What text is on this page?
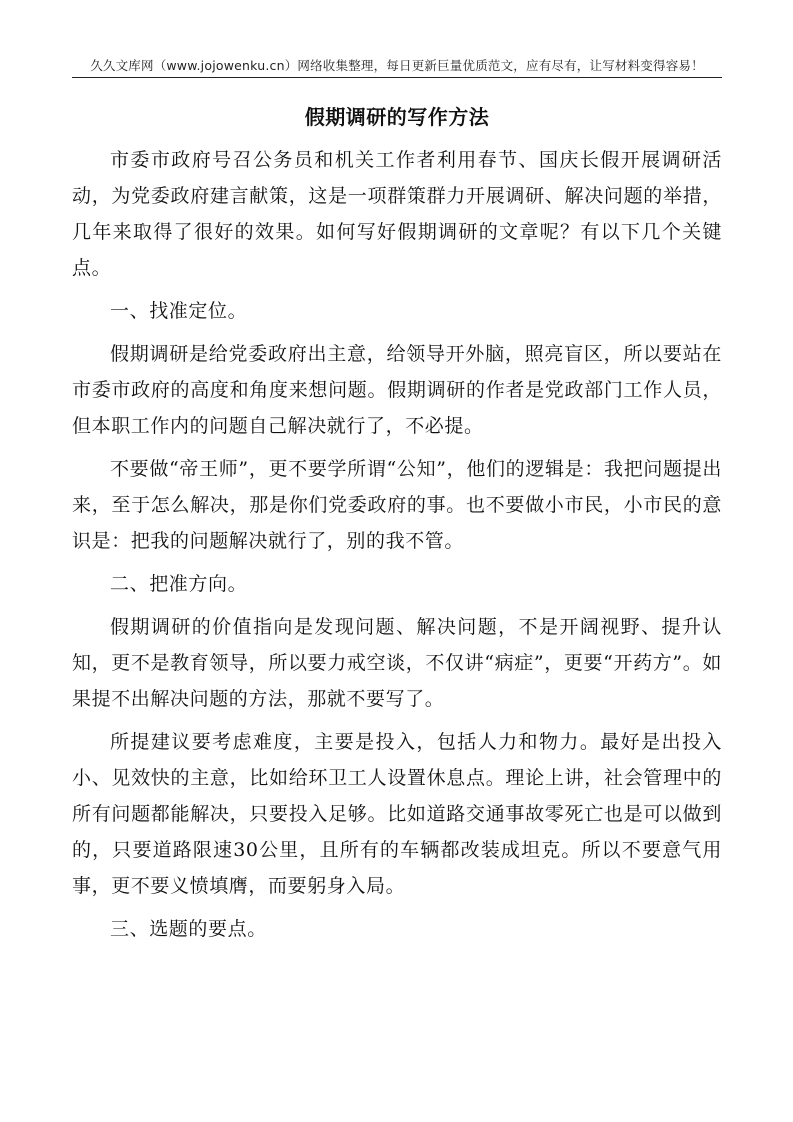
久久文库网（www.jojowenku.cn）网络收集整理，每日更新巨量优质范文，应有尽有，让写材料变得容易！
假期调研的写作方法

市委市政府号召公务员和机关工作者利用春节、国庆长假开展调研活动，为党委政府建言献策，这是一项群策群力开展调研、解决问题的举措，几年来取得了很好的效果。如何写好假期调研的文章呢？有以下几个关键点。

一、找准定位。

假期调研是给党委政府出主意，给领导开外脑，照亮盲区，所以要站在市委市政府的高度和角度来想问题。假期调研的作者是党政部门工作人员，但本职工作内的问题自己解决就行了，不必提。

不要做“帝王师”，更不要学所谓“公知”，他们的逻辑是：我把问题提出来，至于怎么解决，那是你们党委政府的事。也不要做小市民，小市民的意识是：把我的问题解决就行了，别的我不管。

二、把准方向。

假期调研的价值指向是发现问题、解决问题，不是开阔视野、提升认知，更不是教育领导，所以要力戒空谈，不仅讲“病症”，更要“开药方”。如果提不出解决问题的方法，那就不要写了。

所提建议要考虑难度，主要是投入，包括人力和物力。最好是出投入小、见效快的主意，比如给环卫工人设置休息点。理论上讲，社会管理中的所有问题都能解决，只要投入足够。比如道路交通事故零死亡也是可以做到的，只要道路限速30公里，且所有的车辆都改装成坦克。所以不要意气用事，更不要义愤填膺，而要躬身入局。

三、选题的要点。
